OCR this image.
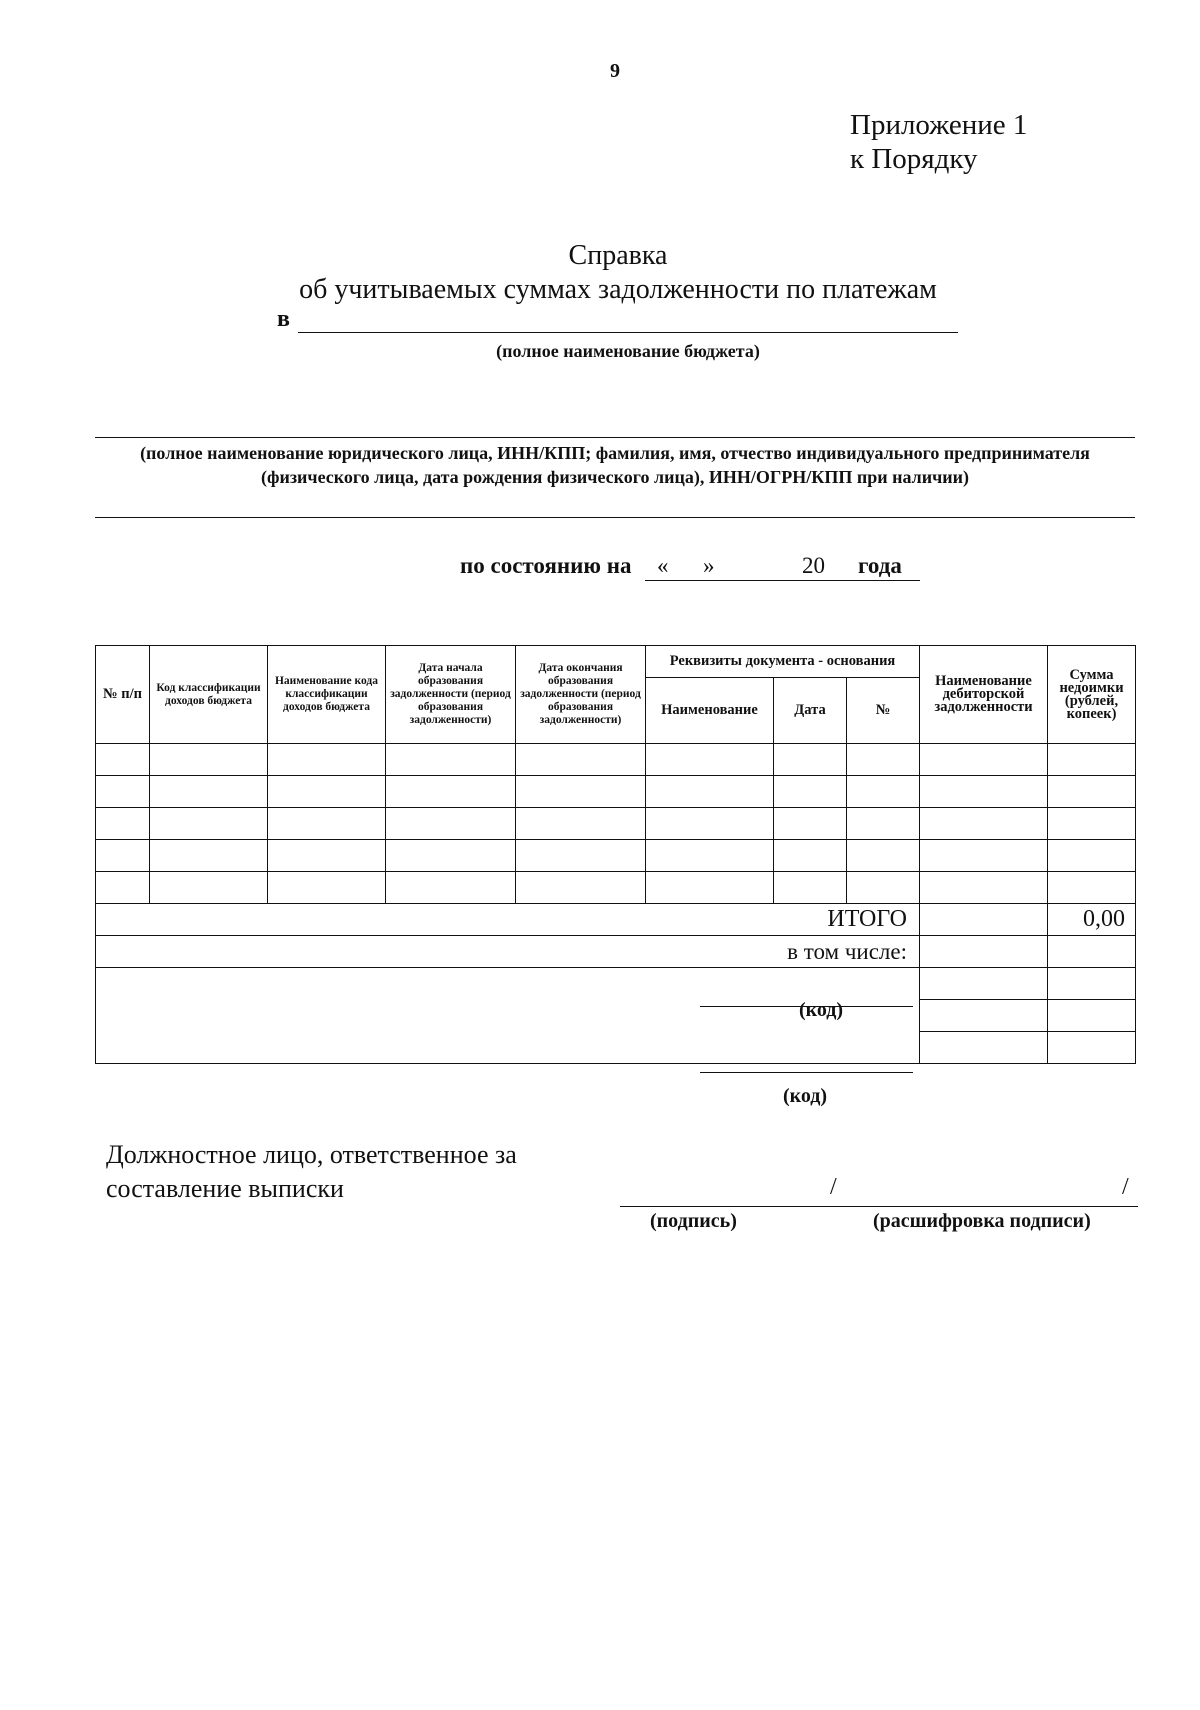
9
Приложение 1
к Порядку
Справка
об учитываемых суммах задолженности по платежам
в
(полное наименование бюджета)
(полное наименование юридического лица, ИНН/КПП; фамилия, имя, отчество индивидуального предпринимателя
(физического лица, дата рождения физического лица), ИНН/ОГРН/КПП при наличии)
по состоянию на « »	20 года
№ п/п	Код классификации доходов бюджета	Наименование кода классификации доходов бюджета	Дата начала образования задолженности (период образования задолженности)	Дата окончания образования задолженности (период образования задолженности)	Реквизиты документа - основания			Наименование дебиторской задолженности	Сумма недоимки (рублей, копеек)
					Наименование	Дата	№		

ИТОГО									0,00
в том числе:									

(код)									

(код)
Должностное лицо, ответственное за
составление выписки	/	/
(подпись)	(расшифровка подписи)
